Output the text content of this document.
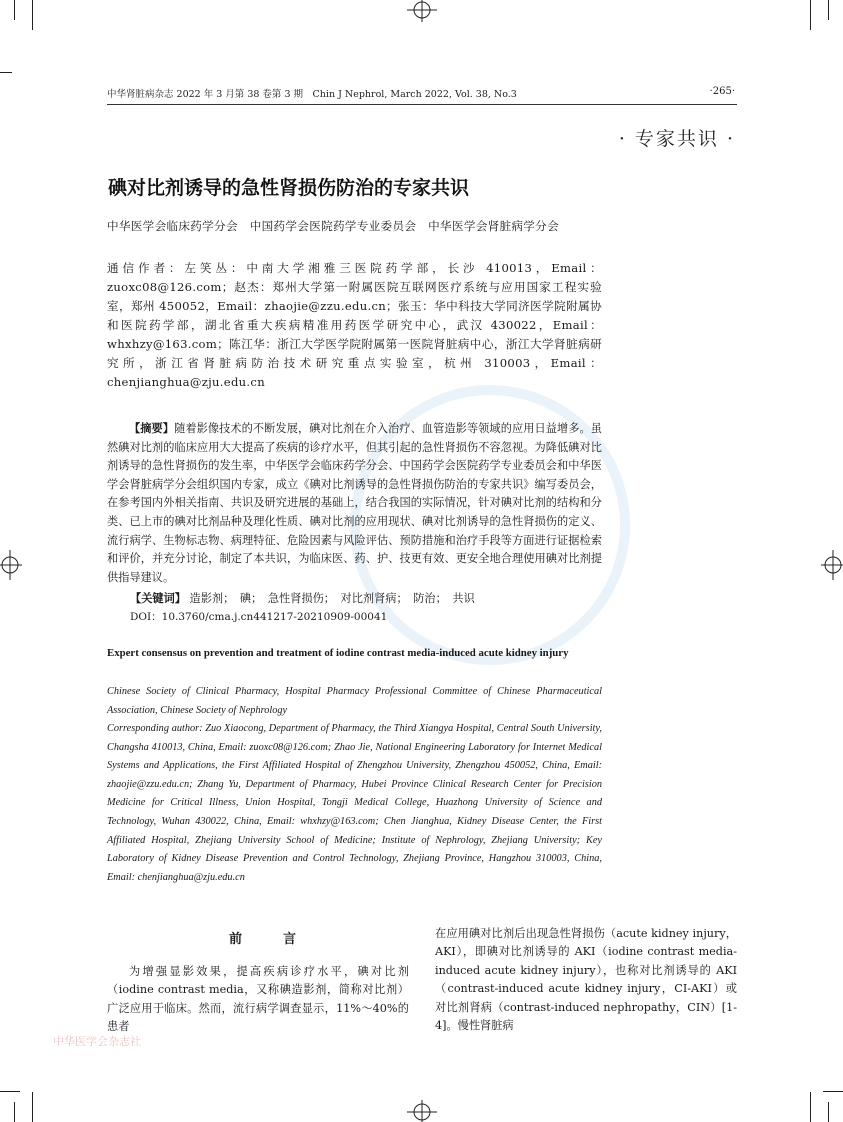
中华肾脏病杂志 2022 年 3 月第 38 卷第 3 期　Chin J Nephrol, March 2022, Vol. 38, No.3	·265·
· 专家共识 ·
碘对比剂诱导的急性肾损伤防治的专家共识
中华医学会临床药学分会　中国药学会医院药学专业委员会　中华医学会肾脏病学分会
通信作者：左笑丛：中南大学湘雅三医院药学部，长沙 410013，Email：zuoxc08@126.com；赵杰：郑州大学第一附属医院互联网医疗系统与应用国家工程实验室，郑州 450052，Email：zhaojie@zzu.edu.cn；张玉：华中科技大学同济医学院附属协和医院药学部，湖北省重大疾病精准用药医学研究中心，武汉 430022，Email：whxhzy@163.com；陈江华：浙江大学医学院附属第一医院肾脏病中心，浙江大学肾脏病研究所，浙江省肾脏病防治技术研究重点实验室，杭州 310003，Email：chenjianghua@zju.edu.cn
【摘要】随着影像技术的不断发展，碘对比剂在介入治疗、血管造影等领域的应用日益增多。虽然碘对比剂的临床应用大大提高了疾病的诊疗水平，但其引起的急性肾损伤不容忽视。为降低碘对比剂诱导的急性肾损伤的发生率，中华医学会临床药学分会、中国药学会医院药学专业委员会和中华医学会肾脏病学分会组织国内专家，成立《碘对比剂诱导的急性肾损伤防治的专家共识》编写委员会，在参考国内外相关指南、共识及研究进展的基础上，结合我国的实际情况，针对碘对比剂的结构和分类、已上市的碘对比剂品种及理化性质、碘对比剂的应用现状、碘对比剂诱导的急性肾损伤的定义、流行病学、生物标志物、病理特征、危险因素与风险评估、预防措施和治疗手段等方面进行证据检索和评价，并充分讨论，制定了本共识，为临床医、药、护、技更有效、更安全地合理使用碘对比剂提供指导建议。
【关键词】 造影剂；　碘；　急性肾损伤；　对比剂肾病；　防治；　共识
DOI：10.3760/cma.j.cn441217-20210909-00041
Expert consensus on prevention and treatment of iodine contrast media-induced acute kidney injury
Chinese Society of Clinical Pharmacy, Hospital Pharmacy Professional Committee of Chinese Pharmaceutical Association, Chinese Society of Nephrology
Corresponding author: Zuo Xiaocong, Department of Pharmacy, the Third Xiangya Hospital, Central South University, Changsha 410013, China, Email: zuoxc08@126.com; Zhao Jie, National Engineering Laboratory for Internet Medical Systems and Applications, the First Affiliated Hospital of Zhengzhou University, Zhengzhou 450052, China, Email: zhaojie@zzu.edu.cn; Zhang Yu, Department of Pharmacy, Hubei Province Clinical Research Center for Precision Medicine for Critical Illness, Union Hospital, Tongji Medical College, Huazhong University of Science and Technology, Wuhan 430022, China, Email: whxhzy@163.com; Chen Jianghua, Kidney Disease Center, the First Affiliated Hospital, Zhejiang University School of Medicine; Institute of Nephrology, Zhejiang University; Key Laboratory of Kidney Disease Prevention and Control Technology, Zhejiang Province, Hangzhou 310003, China, Email: chenjianghua@zju.edu.cn
前　言
为增强显影效果，提高疾病诊疗水平，碘对比剂（iodine contrast media，又称碘造影剂，简称对比剂）广泛应用于临床。然而，流行病学调查显示，11%～40%的患者
在应用碘对比剂后出现急性肾损伤（acute kidney injury，AKI），即碘对比剂诱导的 AKI（iodine contrast media-induced acute kidney injury），也称对比剂诱导的 AKI（contrast-induced acute kidney injury，CI-AKI）或对比剂肾病（contrast-induced nephropathy，CIN）[1-4]。慢性肾脏病
中华医学会杂志社
